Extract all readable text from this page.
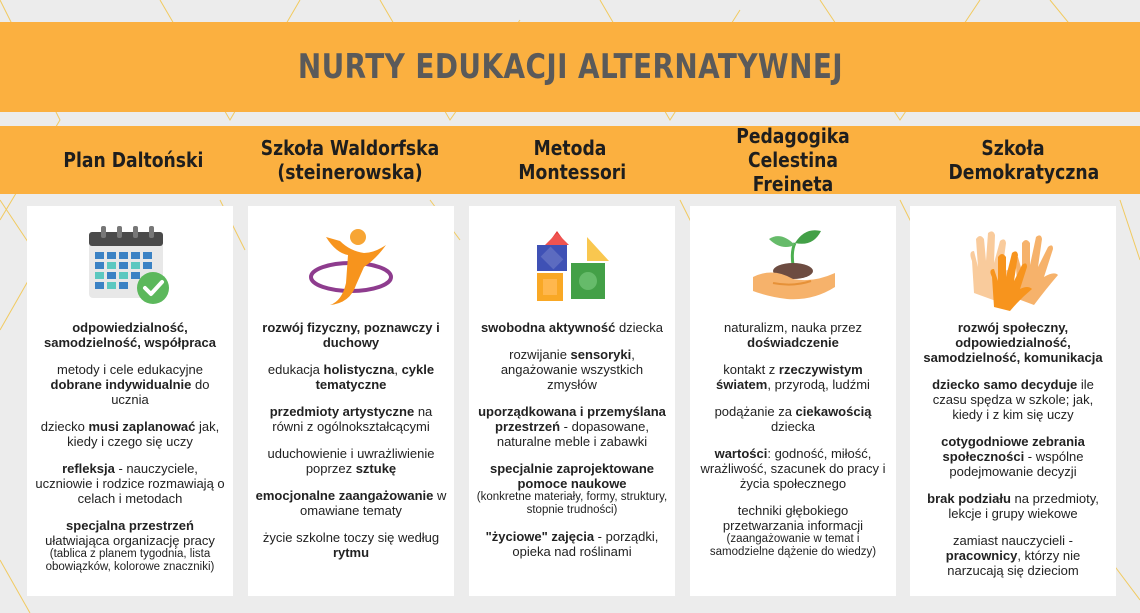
NURTY EDUKACJI ALTERNATYWNEJ
Plan Daltoński	Szkoła Waldorfska (steinerowska)
Metoda Montessori
Pedagogika Celestina Freineta
Szkoła Demokratyczna

odpowiedzialność, samodzielność, współpraca

metody i cele edukacyjne dobrane indywidualnie do ucznia

dziecko musi zaplanować jak, kiedy i czego się uczy

refleksja - nauczyciele, uczniowie i rodzice rozmawiają o celach i metodach

specjalna przestrzeń ułatwiająca organizację pracy
(tablica z planem tygodnia, lista obowiązków, kolorowe znaczniki)

rozwój fizyczny, poznawczy i duchowy

edukacja holistyczna, cykle tematyczne

przedmioty artystyczne na równi z ogólnokształcącymi

uduchowienie i uwrażliwienie poprzez sztukę

emocjonalne zaangażowanie w omawiane tematy

życie szkolne toczy się według rytmu

swobodna aktywność dziecka

rozwijanie sensoryki, angażowanie wszystkich zmysłów

uporządkowana i przemyślana przestrzeń - dopasowane, naturalne meble i zabawki

specjalnie zaprojektowane pomoce naukowe
(konkretne materiały, formy, struktury, stopnie trudności)

"życiowe" zajęcia - porządki, opieka nad roślinami

naturalizm, nauka przez doświadczenie

kontakt z rzeczywistym światem, przyrodą, ludźmi

podążanie za ciekawością dziecka

wartości: godność, miłość, wrażliwość, szacunek do pracy i życia społecznego

techniki głębokiego przetwarzania informacji
(zaangażowanie w temat i samodzielne dążenie do wiedzy)

rozwój społeczny, odpowiedzialność, samodzielność, komunikacja

dziecko samo decyduje ile czasu spędza w szkole; jak, kiedy i z kim się uczy

cotygodniowe zebrania społeczności - wspólne podejmowanie decyzji

brak podziału na przedmioty, lekcje i grupy wiekowe

zamiast nauczycieli - pracownicy, którzy nie narzucają się dzieciom
